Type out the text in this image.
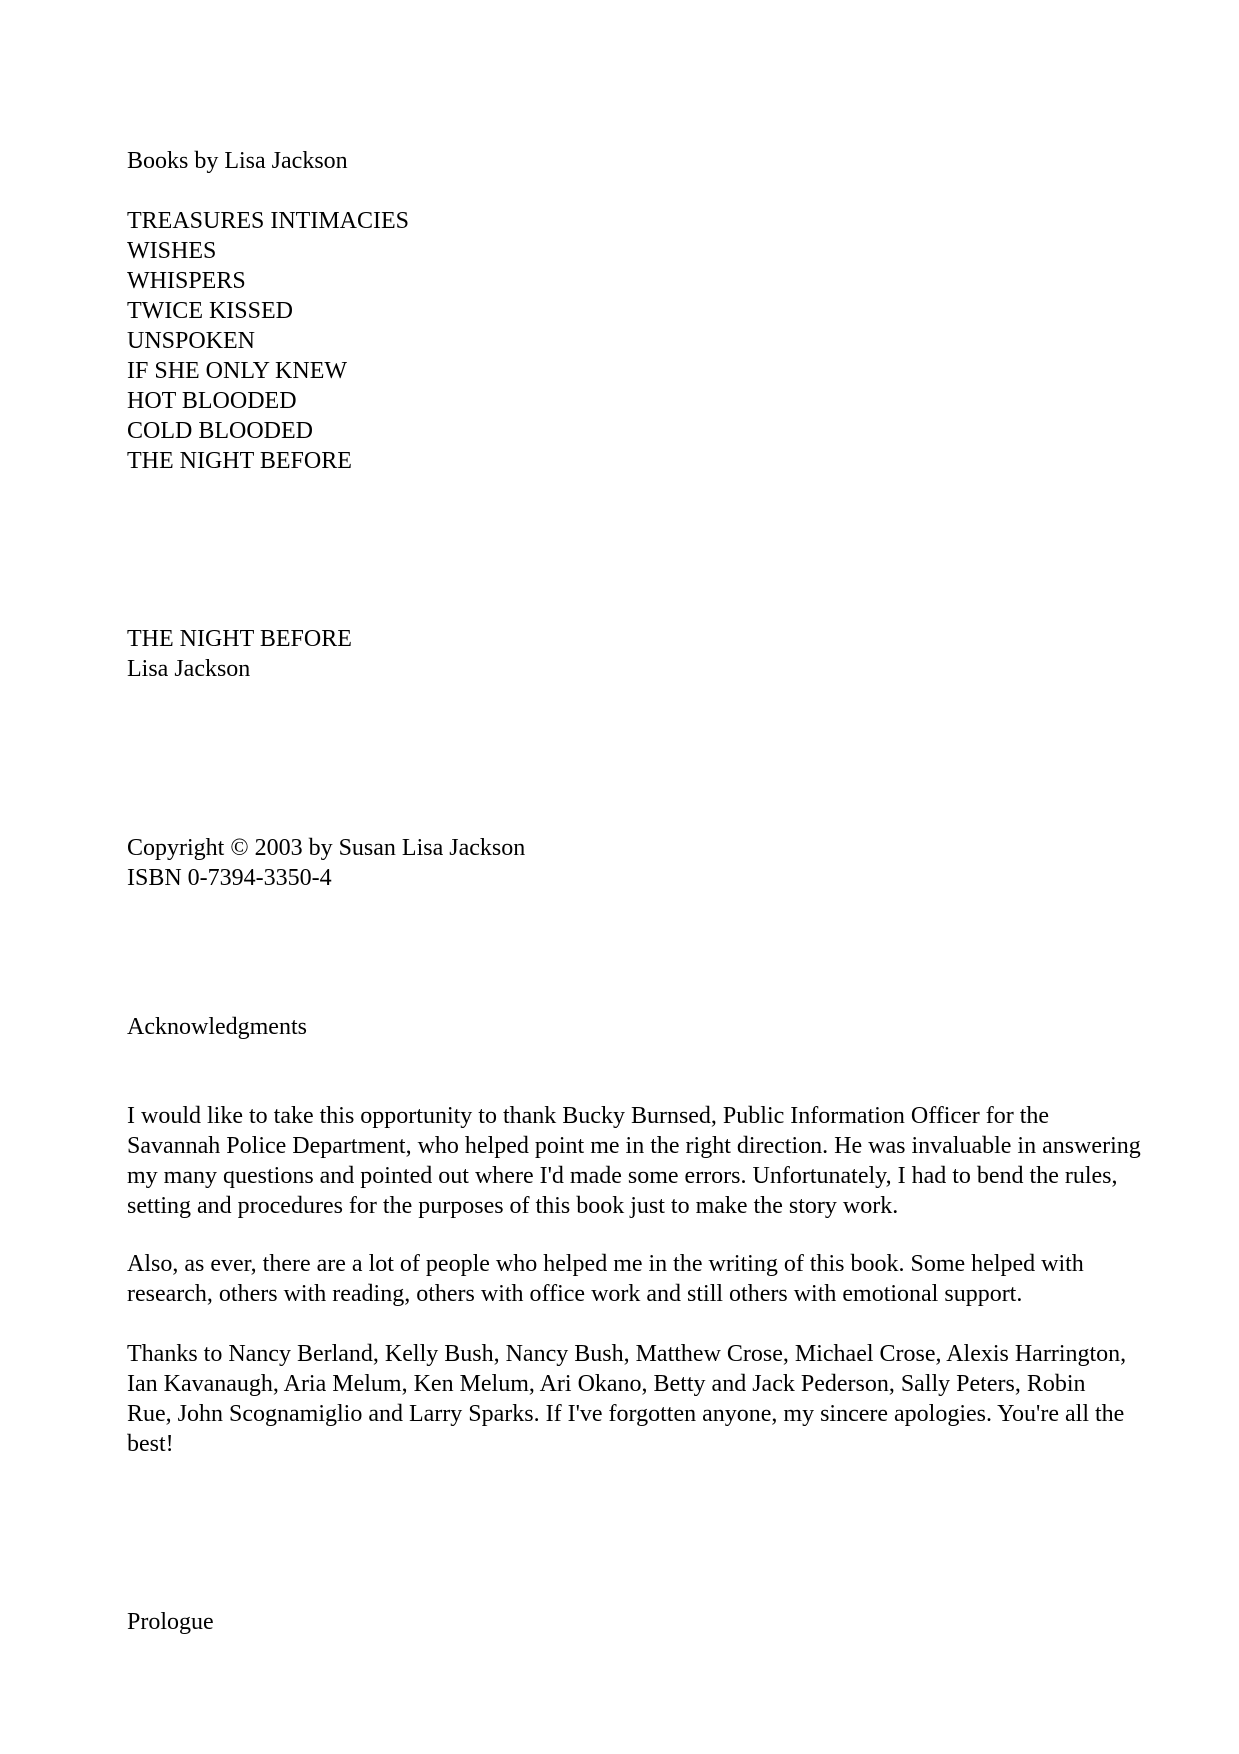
Books by Lisa Jackson
TREASURES INTIMACIES
WISHES
WHISPERS
TWICE KISSED
UNSPOKEN
IF SHE ONLY KNEW
HOT BLOODED
COLD BLOODED
THE NIGHT BEFORE
THE NIGHT BEFORE
Lisa Jackson
Copyright © 2003 by Susan Lisa Jackson
ISBN 0-7394-3350-4
Acknowledgments
I would like to take this opportunity to thank Bucky Burnsed, Public Information Officer for the
Savannah Police Department, who helped point me in the right direction. He was invaluable in answering
my many questions and pointed out where I'd made some errors. Unfortunately, I had to bend the rules,
setting and procedures for the purposes of this book just to make the story work.
Also, as ever, there are a lot of people who helped me in the writing of this book. Some helped with
research, others with reading, others with office work and still others with emotional support.
Thanks to Nancy Berland, Kelly Bush, Nancy Bush, Matthew Crose, Michael Crose, Alexis Harrington,
Ian Kavanaugh, Aria Melum, Ken Melum, Ari Okano, Betty and Jack Pederson, Sally Peters, Robin
Rue, John Scognamiglio and Larry Sparks. If I've forgotten anyone, my sincere apologies. You're all the
best!
Prologue
